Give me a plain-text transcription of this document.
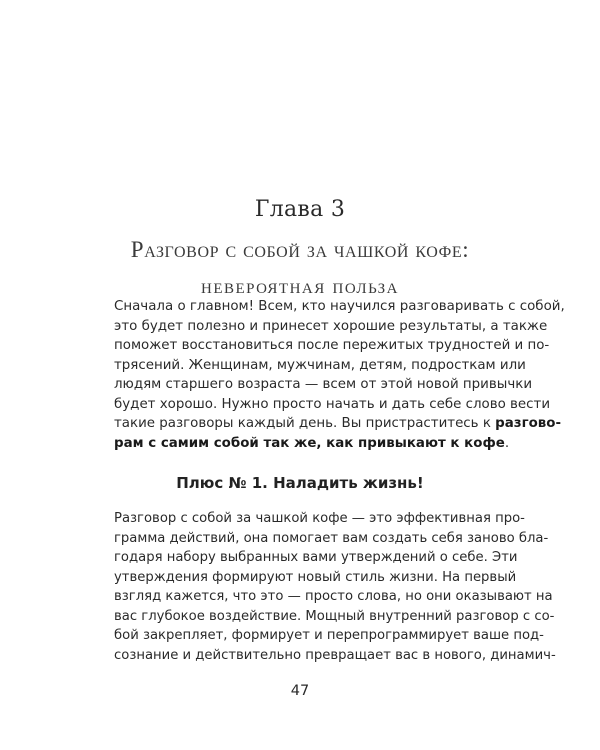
Глава 3
Разговор с собой за чашкой кофе:
невероятная польза

Сначала о главном! Всем, кто научился разговаривать с собой,
это будет полезно и принесет хорошие результаты, а также
поможет восстановиться после пережитых трудностей и по-
трясений. Женщинам, мужчинам, детям, подросткам или
людям старшего возраста — всем от этой новой привычки
будет хорошо. Нужно просто начать и дать себе слово вести
такие разговоры каждый день. Вы пристраститесь к разгово-
рам с самим собой так же, как привыкают к кофе.

Плюс № 1. Наладить жизнь!

Разговор с собой за чашкой кофе — это эффективная про-
грамма действий, она помогает вам создать себя заново бла-
годаря набору выбранных вами утверждений о себе. Эти
утверждения формируют новый стиль жизни. На первый
взгляд кажется, что это — просто слова, но они оказывают на
вас глубокое воздействие. Мощный внутренний разговор с со-
бой закрепляет, формирует и перепрограммирует ваше под-
сознание и действительно превращает вас в нового, динамич-

47
